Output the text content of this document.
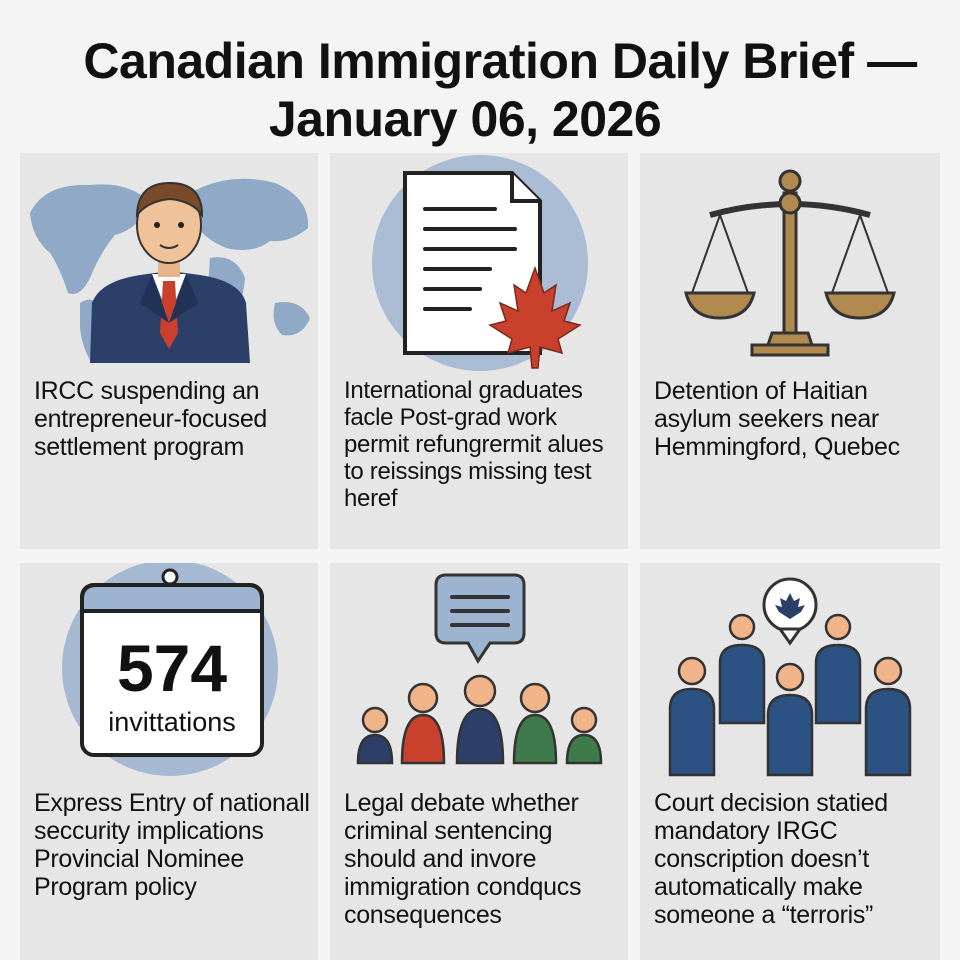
Canadian Immigration Daily Brief —
January 06, 2026
IRCC suspending an entrepreneur-focused settlement program
International graduates facle Post-grad work permit refungrermit alues to reissings missing test heref
Detention of Haitian asylum seekers near Hemmingford, Quebec
574
invittations
Express Entry of nationall seccurity implications Provincial Nominee Program policy
Legal debate whether criminal sentencing should and invore immigration condqucs consequences
Court decision statied mandatory IRGC conscription doesn’t automatically make someone a “terroris”
